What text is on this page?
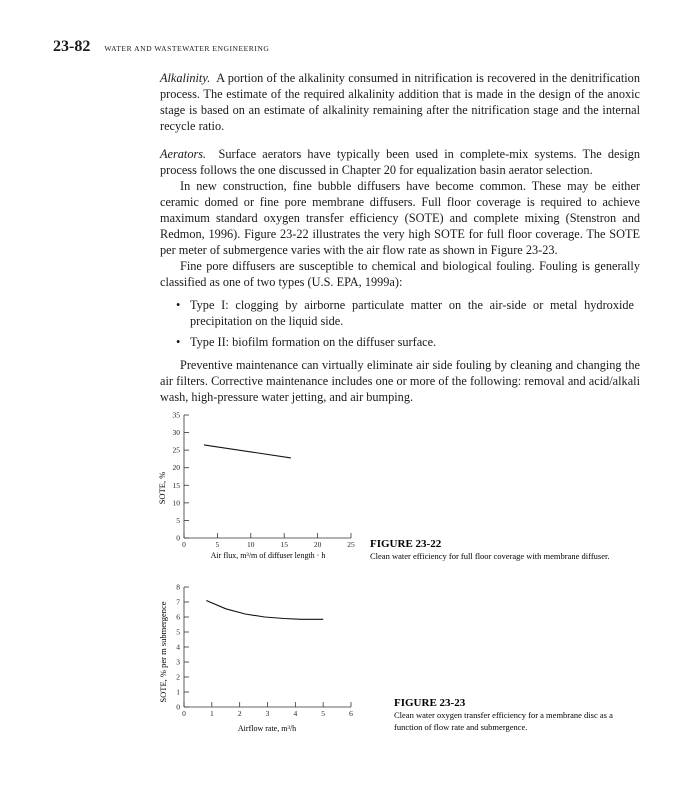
23-82 WATER AND WASTEWATER ENGINEERING

Alkalinity. A portion of the alkalinity consumed in nitrification is recovered in the denitrification process. The estimate of the required alkalinity addition that is made in the design of the anoxic stage is based on an estimate of alkalinity remaining after the nitrification stage and the internal recycle ratio.

Aerators. Surface aerators have typically been used in complete-mix systems. The design process follows the one discussed in Chapter 20 for equalization basin aerator selection.

In new construction, fine bubble diffusers have become common. These may be either ceramic domed or fine pore membrane diffusers. Full floor coverage is required to achieve maximum standard oxygen transfer efficiency (SOTE) and complete mixing (Stenstron and Redmon, 1996). Figure 23-22 illustrates the very high SOTE for full floor coverage. The SOTE per meter of submergence varies with the air flow rate as shown in Figure 23-23.

Fine pore diffusers are susceptible to chemical and biological fouling. Fouling is generally classified as one of two types (U.S. EPA, 1999a):

• Type I: clogging by airborne particulate matter on the air-side or metal hydroxide precipitation on the liquid side.
• Type II: biofilm formation on the diffuser surface.

Preventive maintenance can virtually eliminate air side fouling by cleaning and changing the air filters. Corrective maintenance includes one or more of the following: removal and acid/alkali wash, high-pressure water jetting, and air bumping.

SOTE, %
Air flux, m³/m of diffuser length · h
0	5	10	15	20	25
0
5
10
15
20
25
30
35
SOTE, % per m submergence
Airflow rate, m³/h
0	1	2	3	4	5	6
0
1
2
3
4
5
6
7
8
FIGURE 23-22
Clean water efficiency for full floor coverage with membrane diffuser.
FIGURE 23-23
Clean water oxygen transfer efficiency for a membrane disc as a
function of flow rate and submergence.
